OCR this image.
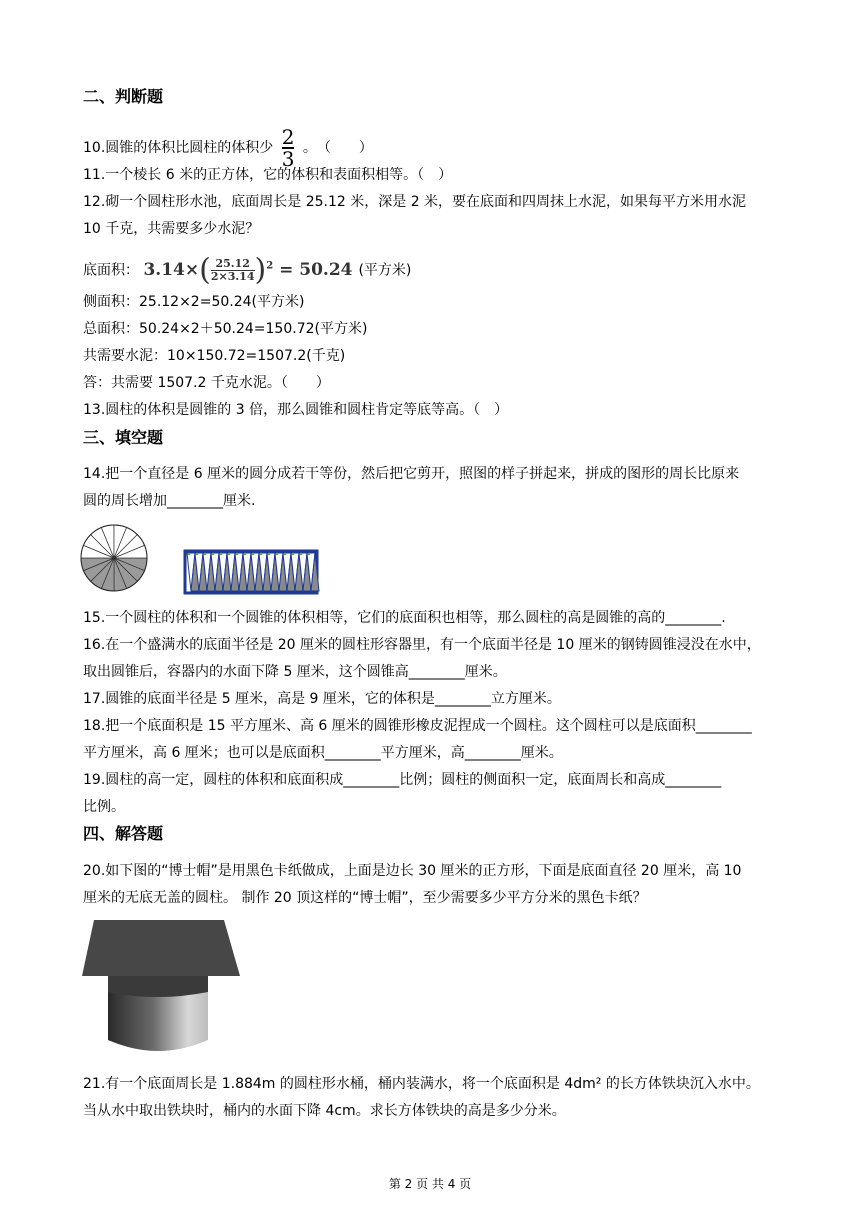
二、判断题
10.圆锥的体积比圆柱的体积少 $\frac{2}{3}$ 。　（　　）
11.一个棱长 6 米的正方体，它的体积和表面积相等。（　）
12.砌一个圆柱形水池，底面周长是 25.12 米，深是 2 米，要在底面和四周抹上水泥，如果每平方米用水泥
10 千克，共需要多少水泥？
底面积： $3.14\times(\frac{25.12}{2\times 3.14})^2 = 50.24$ (平方米)
侧面积：25.12×2=50.24(平方米)
总面积：50.24×2＋50.24=150.72(平方米)
共需要水泥：10×150.72=1507.2(千克)
答：共需要 1507.2 千克水泥。（　　）
13.圆柱的体积是圆锥的 3 倍，那么圆锥和圆柱肯定等底等高。（　）
三、填空题
14.把一个直径是 6 厘米的圆分成若干等份，然后把它剪开，照图的样子拼起来，拼成的图形的周长比原来
圆的周长增加________厘米.
15.一个圆柱的体积和一个圆锥的体积相等，它们的底面积也相等，那么圆柱的高是圆锥的高的________.
16.在一个盛满水的底面半径是 20 厘米的圆柱形容器里，有一个底面半径是 10 厘米的钢铸圆锥浸没在水中，
取出圆锥后，容器内的水面下降 5 厘米，这个圆锥高________厘米。
17.圆锥的底面半径是 5 厘米，高是 9 厘米，它的体积是________立方厘米。
18.把一个底面积是 15 平方厘米、高 6 厘米的圆锥形橡皮泥捏成一个圆柱。这个圆柱可以是底面积________
平方厘米，高 6 厘米；也可以是底面积________平方厘米，高________厘米。
19.圆柱的高一定，圆柱的体积和底面积成________比例；圆柱的侧面积一定，底面周长和高成________
比例。
四、解答题
20.如下图的“博士帽”是用黑色卡纸做成，上面是边长 30 厘米的正方形，下面是底面直径 20 厘米，高 10
厘米的无底无盖的圆柱。 制作 20 顶这样的“博士帽”，至少需要多少平方分米的黑色卡纸？
21.有一个底面周长是 1.884m 的圆柱形水桶，桶内装满水，将一个底面积是 4dm² 的长方体铁块沉入水中。
当从水中取出铁块时，桶内的水面下降 4cm。求长方体铁块的高是多少分米。
第 2 页 共 4 页
